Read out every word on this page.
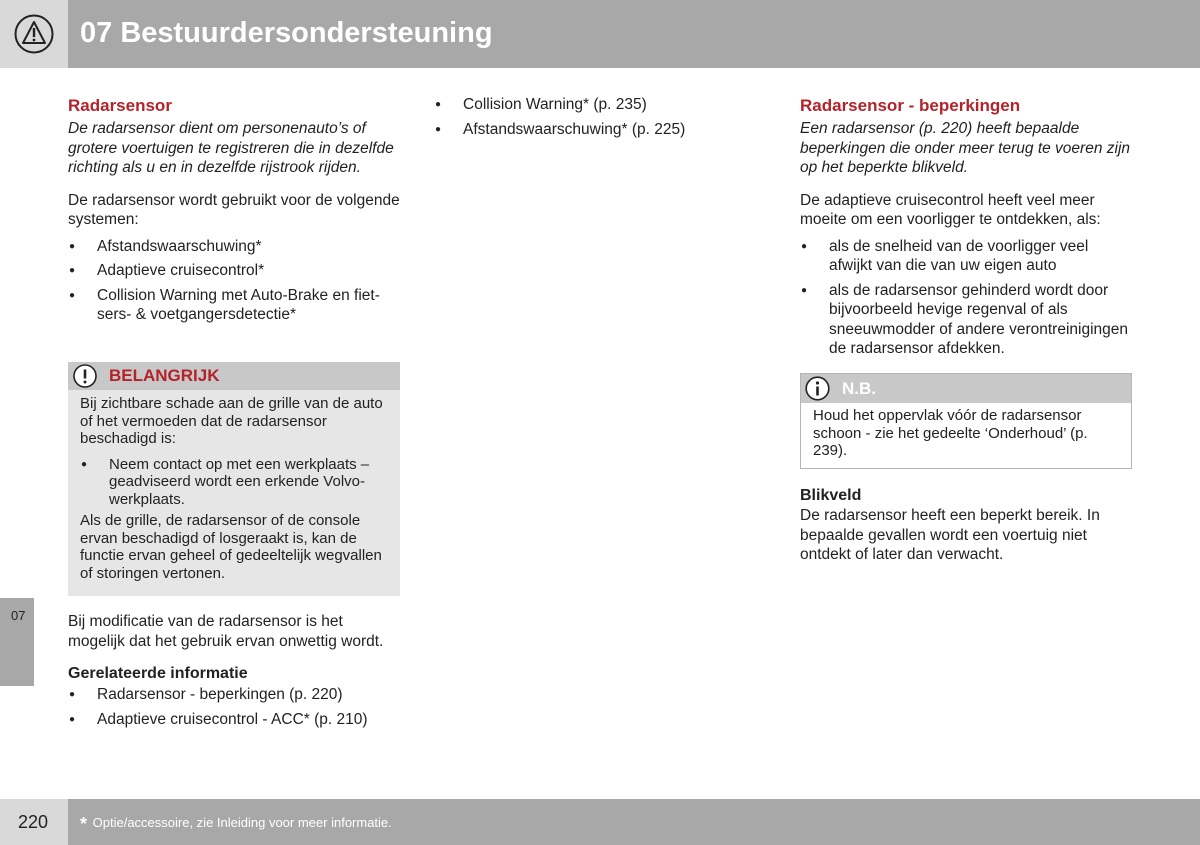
07 Bestuurdersondersteuning
07
Radarsensor
De radarsensor dient om personenauto’s of grotere voertuigen te registreren die in dezelfde richting als u en in dezelfde rijstrook rijden.
De radarsensor wordt gebruikt voor de volgende systemen:
● Afstandswaarschuwing*
● Adaptieve cruisecontrol*
● Collision Warning met Auto-Brake en fietsers- & voetgangersdetectie*
BELANGRIJK
Bij zichtbare schade aan de grille van de auto of het vermoeden dat de radarsensor beschadigd is:
● Neem contact op met een werkplaats – geadviseerd wordt een erkende Volvo-werkplaats.
Als de grille, de radarsensor of de console ervan beschadigd of losgeraakt is, kan de functie ervan geheel of gedeeltelijk wegvallen of storingen vertonen.
Bij modificatie van de radarsensor is het mogelijk dat het gebruik ervan onwettig wordt.
Gerelateerde informatie
● Radarsensor - beperkingen (p. 220)
● Adaptieve cruisecontrol - ACC* (p. 210)
● Collision Warning* (p. 235)
● Afstandswaarschuwing* (p. 225)
Radarsensor - beperkingen
Een radarsensor (p. 220) heeft bepaalde beperkingen die onder meer terug te voeren zijn op het beperkte blikveld.
De adaptieve cruisecontrol heeft veel meer moeite om een voorligger te ontdekken, als:
● als de snelheid van de voorligger veel afwijkt van die van uw eigen auto
● als de radarsensor gehinderd wordt door bijvoorbeeld hevige regenval of als sneeuwmodder of andere verontreinigingen de radarsensor afdekken.
N.B.
Houd het oppervlak vóór de radarsensor schoon - zie het gedeelte ‘Onderhoud’ (p. 239).
Blikveld
De radarsensor heeft een beperkt bereik. In bepaalde gevallen wordt een voertuig niet ontdekt of later dan verwacht.
220 * Optie/accessoire, zie Inleiding voor meer informatie.
